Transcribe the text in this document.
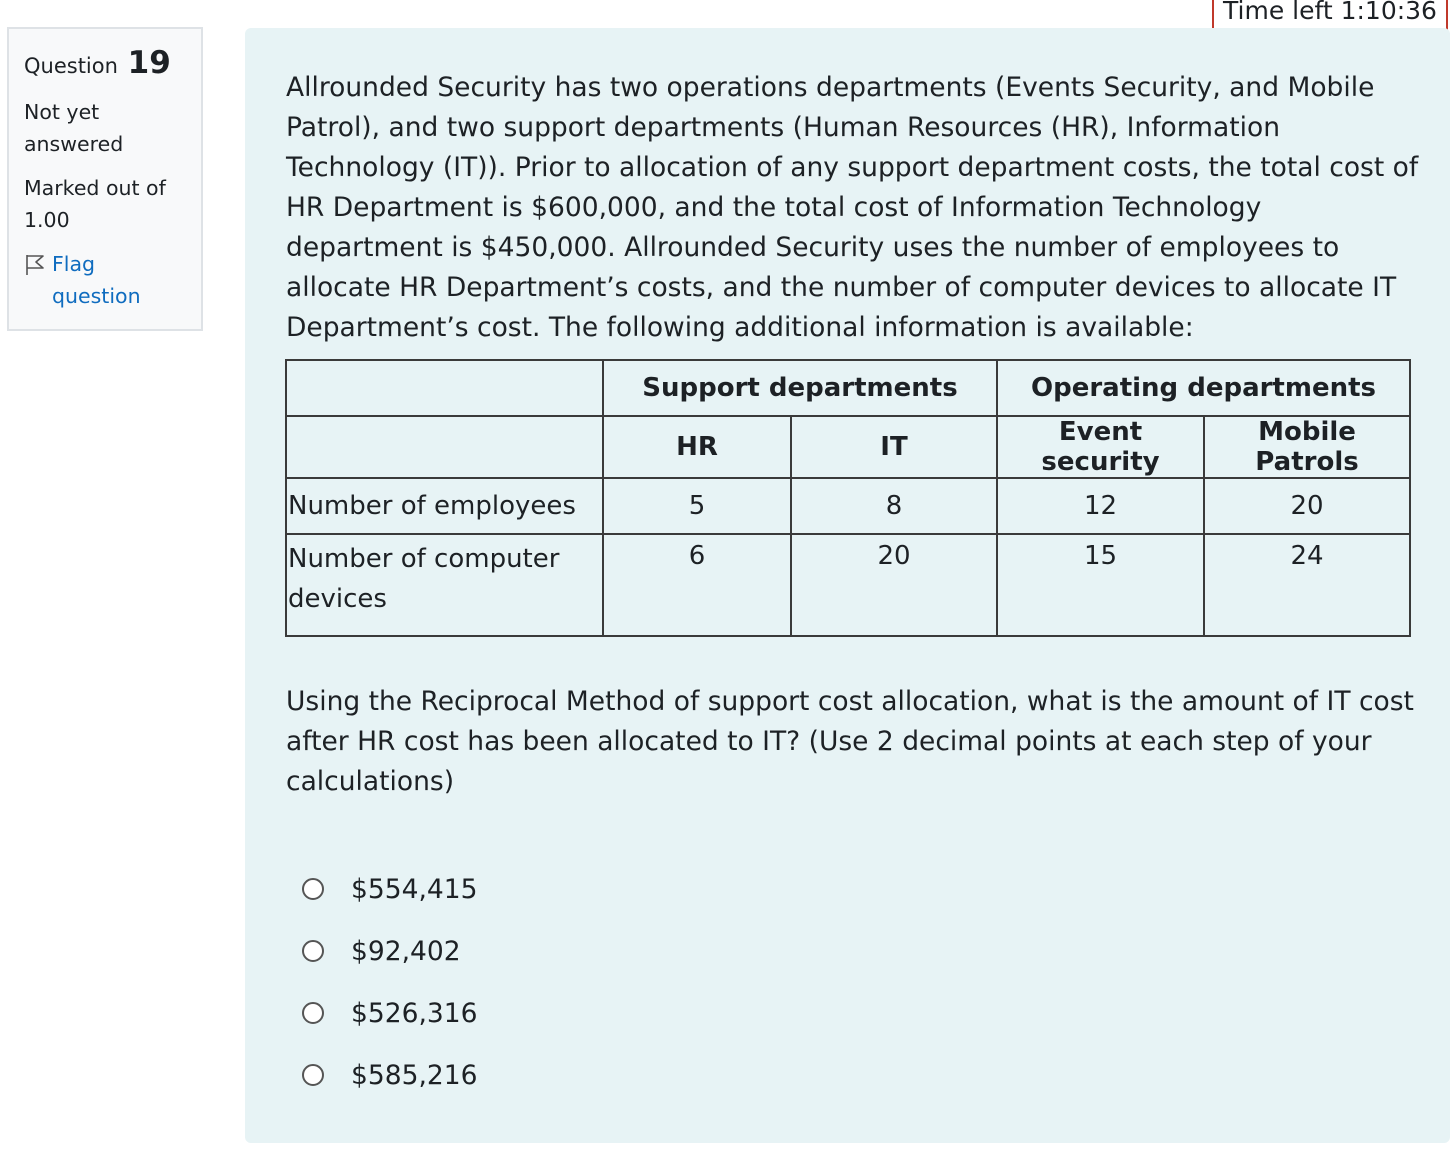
Time left 1:10:36
Question 19
Not yet answered
Marked out of 1.00
Flag question

Allrounded Security has two operations departments (Events Security, and Mobile Patrol), and two support departments (Human Resources (HR), Information Technology (IT)). Prior to allocation of any support department costs, the total cost of HR Department is $600,000, and the total cost of Information Technology department is $450,000. Allrounded Security uses the number of employees to allocate HR Department’s costs, and the number of computer devices to allocate IT Department’s cost. The following additional information is available:

	Support departments		Operating departments	
	HR	IT	Event security	Mobile Patrols
Number of employees	5	8	12	20
Number of computer devices	6	20	15	24

Using the Reciprocal Method of support cost allocation, what is the amount of IT cost after HR cost has been allocated to IT? (Use 2 decimal points at each step of your calculations)

$554,415
$92,402
$526,316
$585,216
